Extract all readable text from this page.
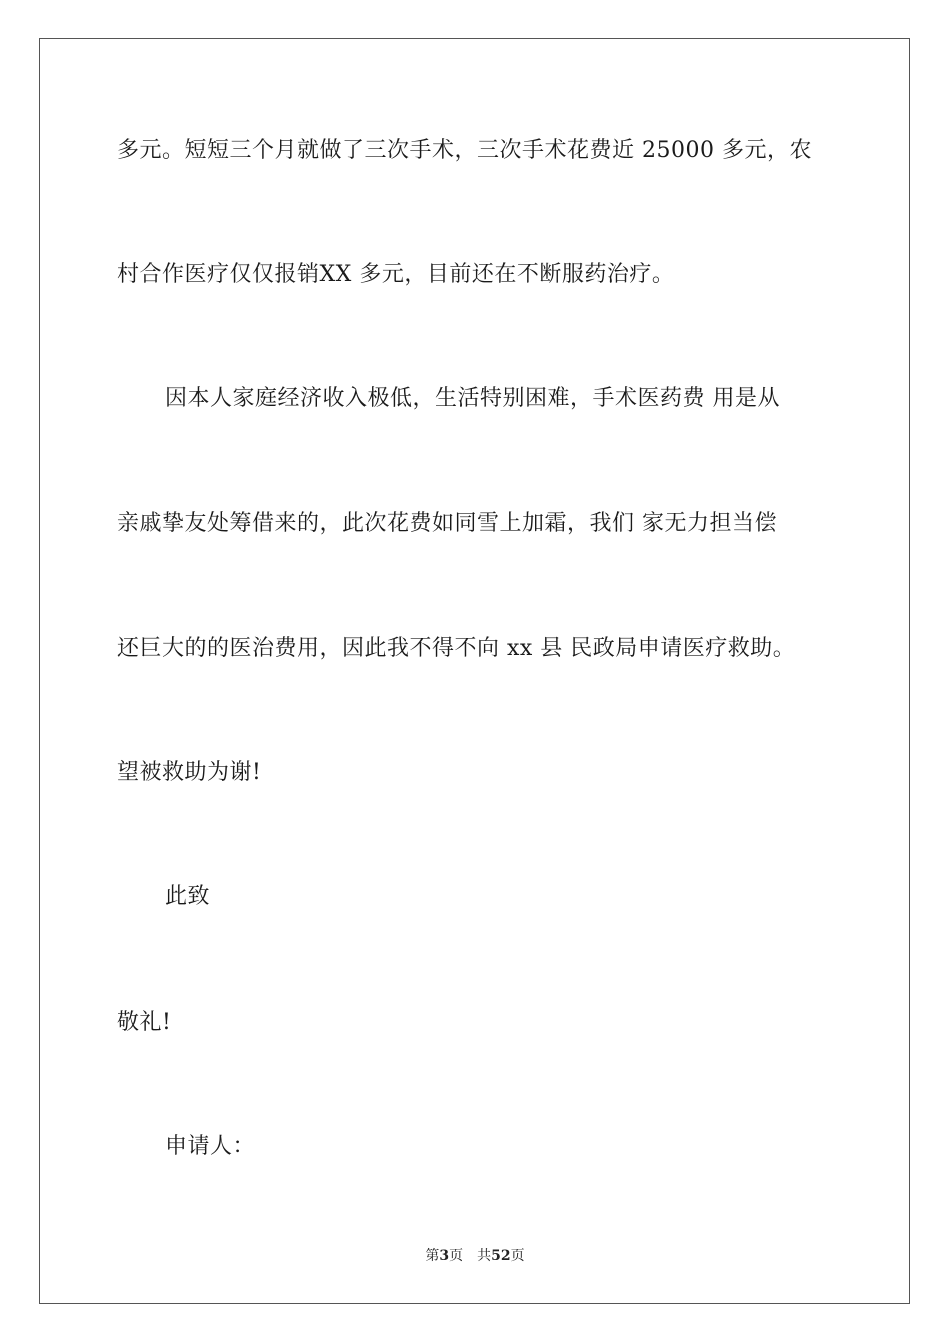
多元。短短三个月就做了三次手术，三次手术花费近 25000 多元，农
村合作医疗仅仅报销XX 多元，目前还在不断服药治疗。
因本人家庭经济收入极低，生活特别困难，手术医药费 用是从
亲戚挚友处筹借来的，此次花费如同雪上加霜，我们 家无力担当偿
还巨大的的医治费用，因此我不得不向 xx 县 民政局申请医疗救助。
望被救助为谢!
此致
敬礼!
申请人：
第3页 共52页
